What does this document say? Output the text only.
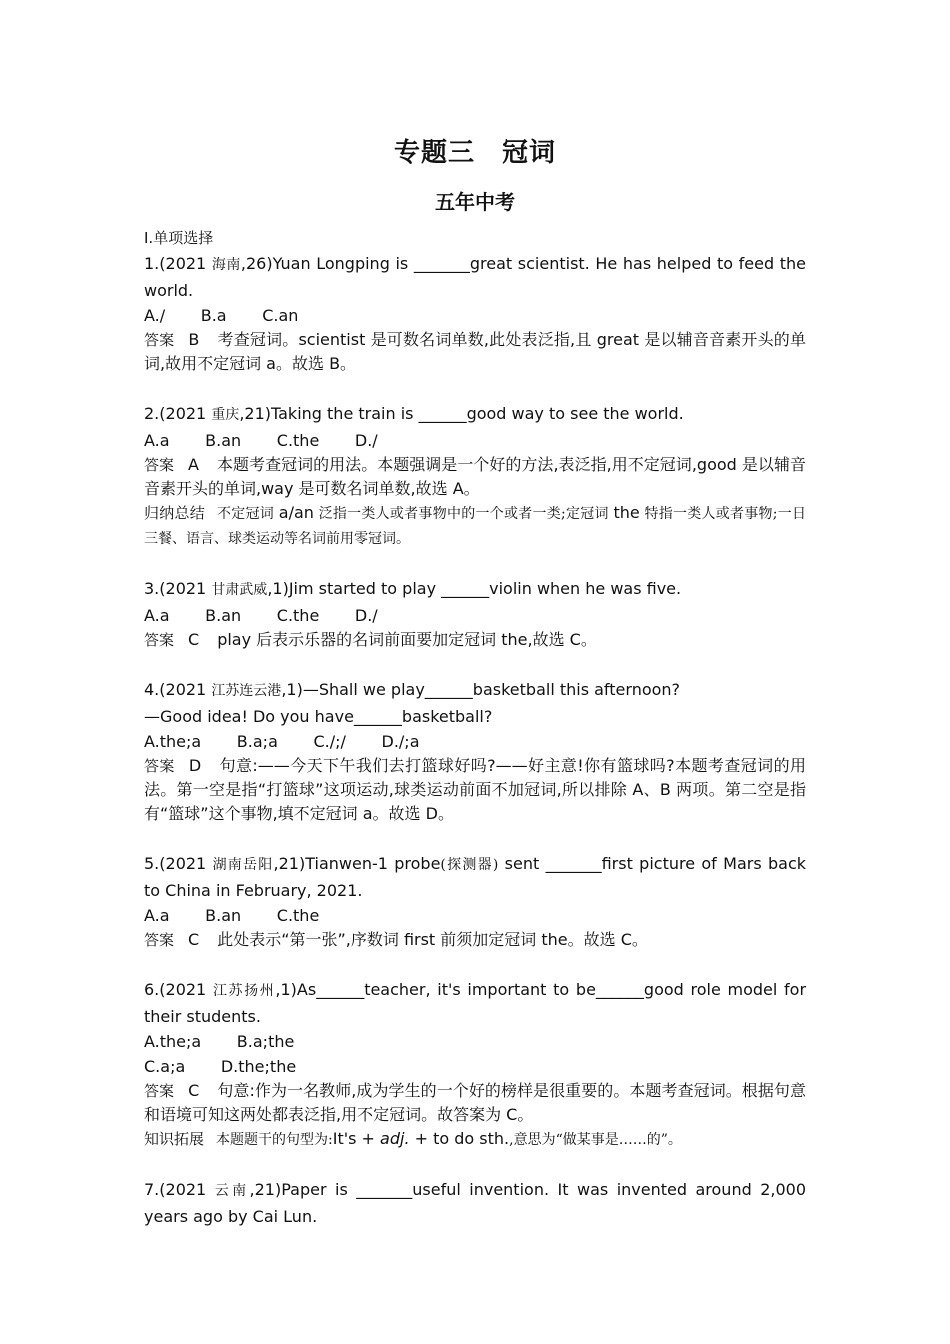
专题三　冠词
五年中考
Ⅰ.单项选择
1.(2021 海南,26)Yuan Longping is _______great scientist. He has helped to feed the world.
A./       B.a       C.an
答案 B 考查冠词。scientist 是可数名词单数,此处表泛指,且 great 是以辅音音素开头的单词,故用不定冠词 a。故选 B。
2.(2021 重庆,21)Taking the train is ______good way to see the world.
A.a       B.an       C.the       D./
答案 A 本题考查冠词的用法。本题强调是一个好的方法,表泛指,用不定冠词,good 是以辅音音素开头的单词,way 是可数名词单数,故选 A。
归纳总结 不定冠词 a/an 泛指一类人或者事物中的一个或者一类;定冠词 the 特指一类人或者事物;一日三餐、语言、球类运动等名词前用零冠词。
3.(2021 甘肃武威,1)Jim started to play ______violin when he was five.
A.a       B.an       C.the       D./
答案 C play 后表示乐器的名词前面要加定冠词 the,故选 C。
4.(2021 江苏连云港,1)—Shall we play______basketball this afternoon?
—Good idea! Do you have______basketball?
A.the;a       B.a;a       C./;/       D./;a
答案 D 句意:——今天下午我们去打篮球好吗?——好主意!你有篮球吗?本题考查冠词的用法。第一空是指“打篮球”这项运动,球类运动前面不加冠词,所以排除 A、B 两项。第二空是指有“篮球”这个事物,填不定冠词 a。故选 D。
5.(2021 湖南岳阳,21)Tianwen-1 probe(探测器) sent _______first picture of Mars back to China in February, 2021.
A.a       B.an       C.the
答案 C 此处表示“第一张”,序数词 first 前须加定冠词 the。故选 C。
6.(2021 江苏扬州,1)As______teacher, it's important to be______good role model for their students.
A.the;a       B.a;the
C.a;a       D.the;the
答案 C 句意:作为一名教师,成为学生的一个好的榜样是很重要的。本题考查冠词。根据句意和语境可知这两处都表泛指,用不定冠词。故答案为 C。
知识拓展 本题题干的句型为:It's + adj. + to do sth.,意思为“做某事是……的”。
7.(2021 云南,21)Paper is _______useful invention. It was invented around 2,000 years ago by Cai Lun.
